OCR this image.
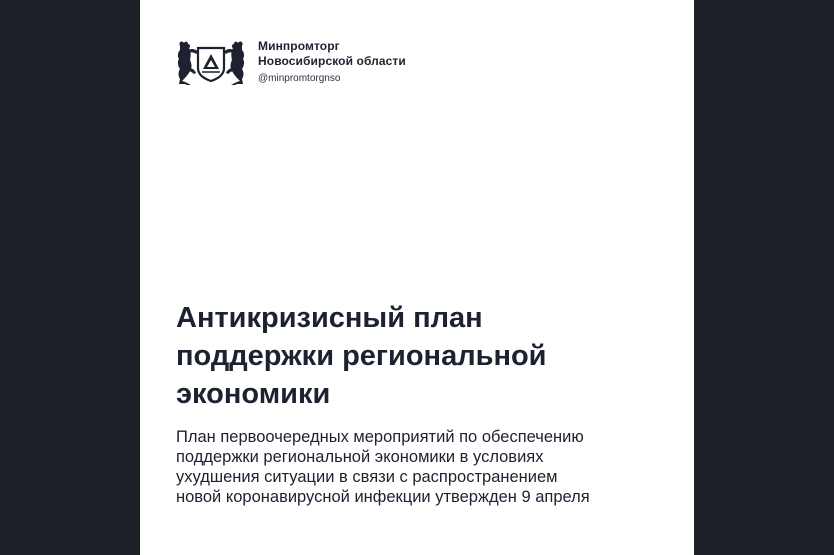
Минпромторг
Новосибирской области
@minpromtorgnso
Антикризисный план
поддержки региональной
экономики

План первоочередных мероприятий по обеспечению
поддержки региональной экономики в условиях
ухудшения ситуации в связи с распространением
новой коронавирусной инфекции утвержден 9 апреля
